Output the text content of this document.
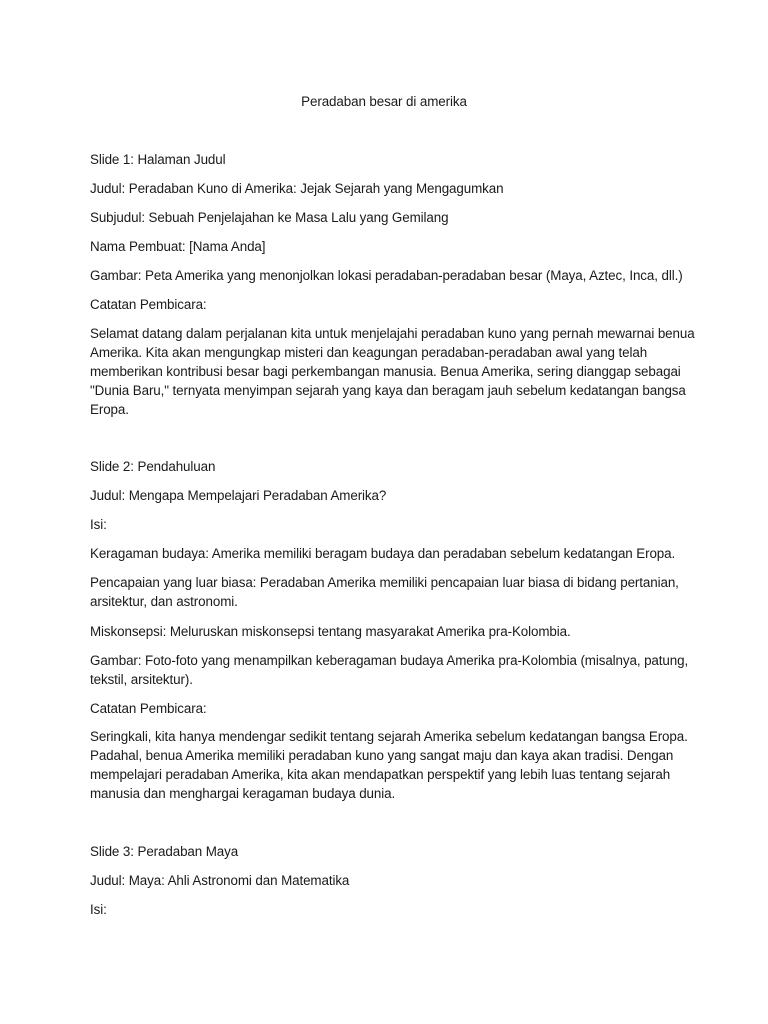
Peradaban besar di amerika

Slide 1: Halaman Judul

Judul: Peradaban Kuno di Amerika: Jejak Sejarah yang Mengagumkan

Subjudul: Sebuah Penjelajahan ke Masa Lalu yang Gemilang

Nama Pembuat: [Nama Anda]

Gambar: Peta Amerika yang menonjolkan lokasi peradaban-peradaban besar (Maya, Aztec, Inca, dll.)

Catatan Pembicara:

Selamat datang dalam perjalanan kita untuk menjelajahi peradaban kuno yang pernah mewarnai benua
Amerika. Kita akan mengungkap misteri dan keagungan peradaban-peradaban awal yang telah
memberikan kontribusi besar bagi perkembangan manusia. Benua Amerika, sering dianggap sebagai
"Dunia Baru," ternyata menyimpan sejarah yang kaya dan beragam jauh sebelum kedatangan bangsa
Eropa.

Slide 2: Pendahuluan

Judul: Mengapa Mempelajari Peradaban Amerika?

Isi:

Keragaman budaya: Amerika memiliki beragam budaya dan peradaban sebelum kedatangan Eropa.

Pencapaian yang luar biasa: Peradaban Amerika memiliki pencapaian luar biasa di bidang pertanian,
arsitektur, dan astronomi.

Miskonsepsi: Meluruskan miskonsepsi tentang masyarakat Amerika pra-Kolombia.

Gambar: Foto-foto yang menampilkan keberagaman budaya Amerika pra-Kolombia (misalnya, patung,
tekstil, arsitektur).

Catatan Pembicara:

Seringkali, kita hanya mendengar sedikit tentang sejarah Amerika sebelum kedatangan bangsa Eropa.
Padahal, benua Amerika memiliki peradaban kuno yang sangat maju dan kaya akan tradisi. Dengan
mempelajari peradaban Amerika, kita akan mendapatkan perspektif yang lebih luas tentang sejarah
manusia dan menghargai keragaman budaya dunia.

Slide 3: Peradaban Maya

Judul: Maya: Ahli Astronomi dan Matematika

Isi:
